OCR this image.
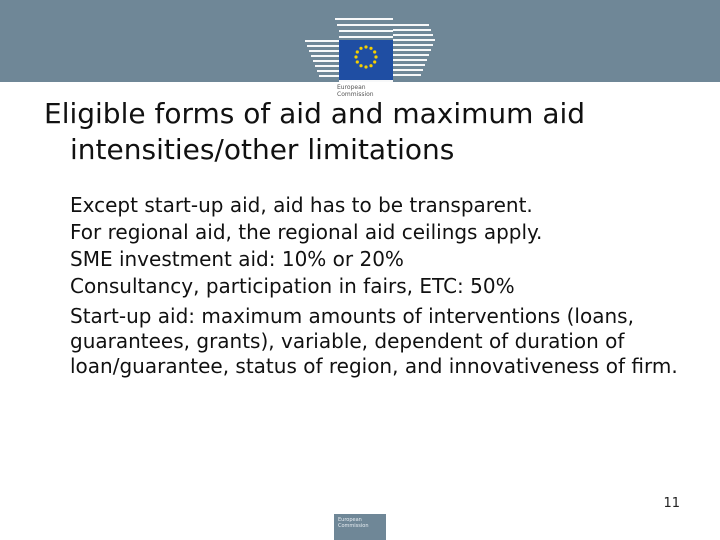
European
Commission
Eligible forms of aid and maximum aid
intensities/other limitations
Except start-up aid, aid has to be transparent.
For regional aid, the regional aid ceilings apply.
SME investment aid: 10% or 20%
Consultancy, participation in fairs, ETC: 50%
Start-up aid: maximum amounts of interventions (loans, guarantees, grants), variable, dependent of duration of loan/guarantee, status of region, and innovativeness of firm.
11
European Commission
